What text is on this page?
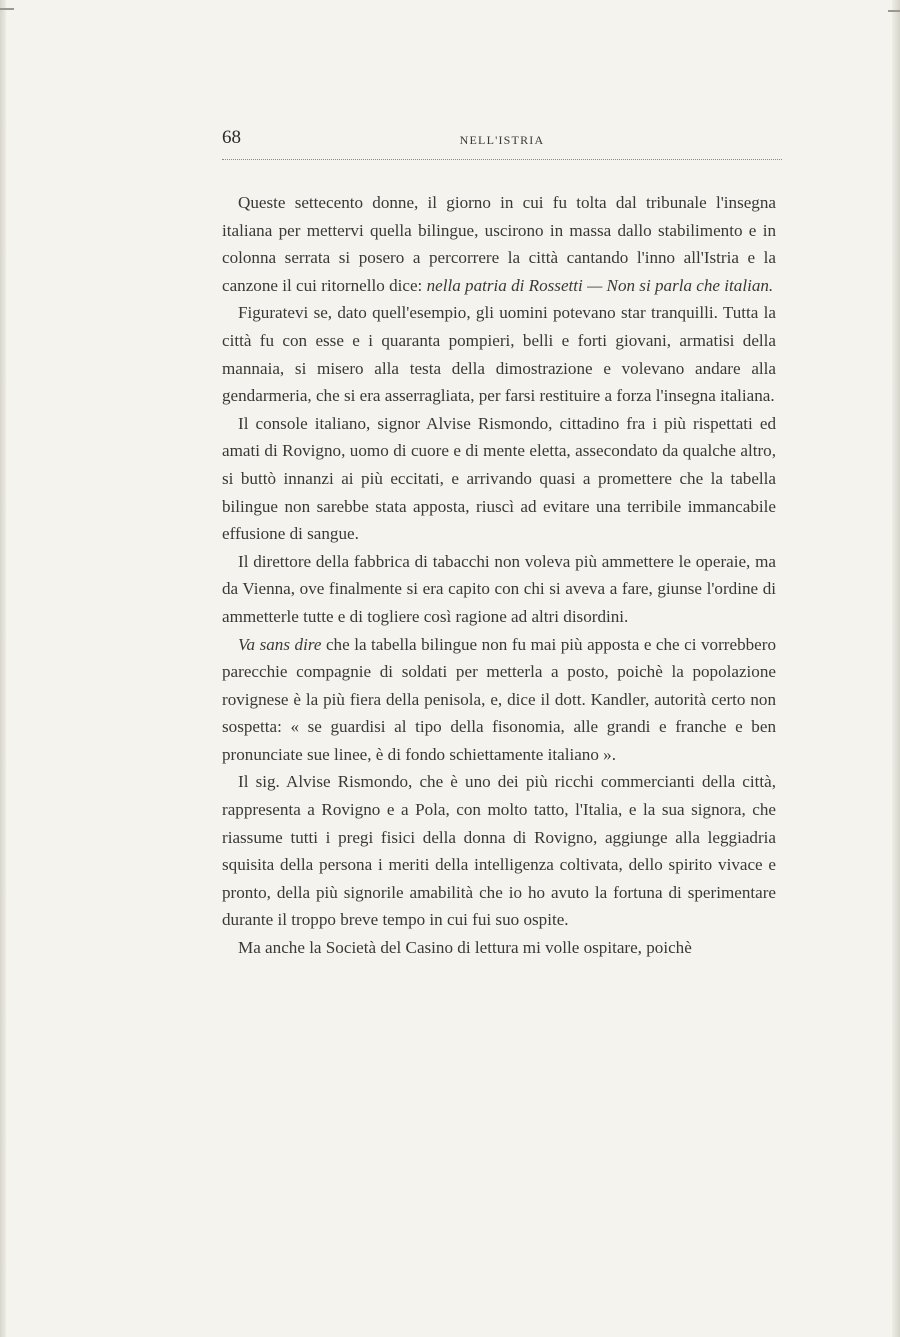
68	NELL'ISTRIA

Queste settecento donne, il giorno in cui fu tolta dal tribunale l'insegna italiana per mettervi quella bilingue, uscirono in massa dallo stabilimento e in colonna serrata si posero a percorrere la città cantando l'inno all'Istria e la canzone il cui ritornello dice: nella patria di Rossetti — Non si parla che italian.

Figuratevi se, dato quell'esempio, gli uomini potevano star tranquilli. Tutta la città fu con esse e i quaranta pompieri, belli e forti giovani, armatisi della mannaia, si misero alla testa della dimostrazione e volevano andare alla gendarmeria, che si era asserragliata, per farsi restituire a forza l'insegna italiana.

Il console italiano, signor Alvise Rismondo, cittadino fra i più rispettati ed amati di Rovigno, uomo di cuore e di mente eletta, assecondato da qualche altro, si buttò innanzi ai più eccitati, e arrivando quasi a promettere che la tabella bilingue non sarebbe stata apposta, riuscì ad evitare una terribile immancabile effusione di sangue.

Il direttore della fabbrica di tabacchi non voleva più ammettere le operaie, ma da Vienna, ove finalmente si era capito con chi si aveva a fare, giunse l'ordine di ammetterle tutte e di togliere così ragione ad altri disordini.

Va sans dire che la tabella bilingue non fu mai più apposta e che ci vorrebbero parecchie compagnie di soldati per metterla a posto, poichè la popolazione rovignese è la più fiera della penisola, e, dice il dott. Kandler, autorità certo non sospetta: « se guardisi al tipo della fisonomia, alle grandi e franche e ben pronunciate sue linee, è di fondo schiettamente italiano ».

Il sig. Alvise Rismondo, che è uno dei più ricchi commercianti della città, rappresenta a Rovigno e a Pola, con molto tatto, l'Italia, e la sua signora, che riassume tutti i pregi fisici della donna di Rovigno, aggiunge alla leggiadria squisita della persona i meriti della intelligenza coltivata, dello spirito vivace e pronto, della più signorile amabilità che io ho avuto la fortuna di sperimentare durante il troppo breve tempo in cui fui suo ospite.

Ma anche la Società del Casino di lettura mi volle ospitare, poichè
